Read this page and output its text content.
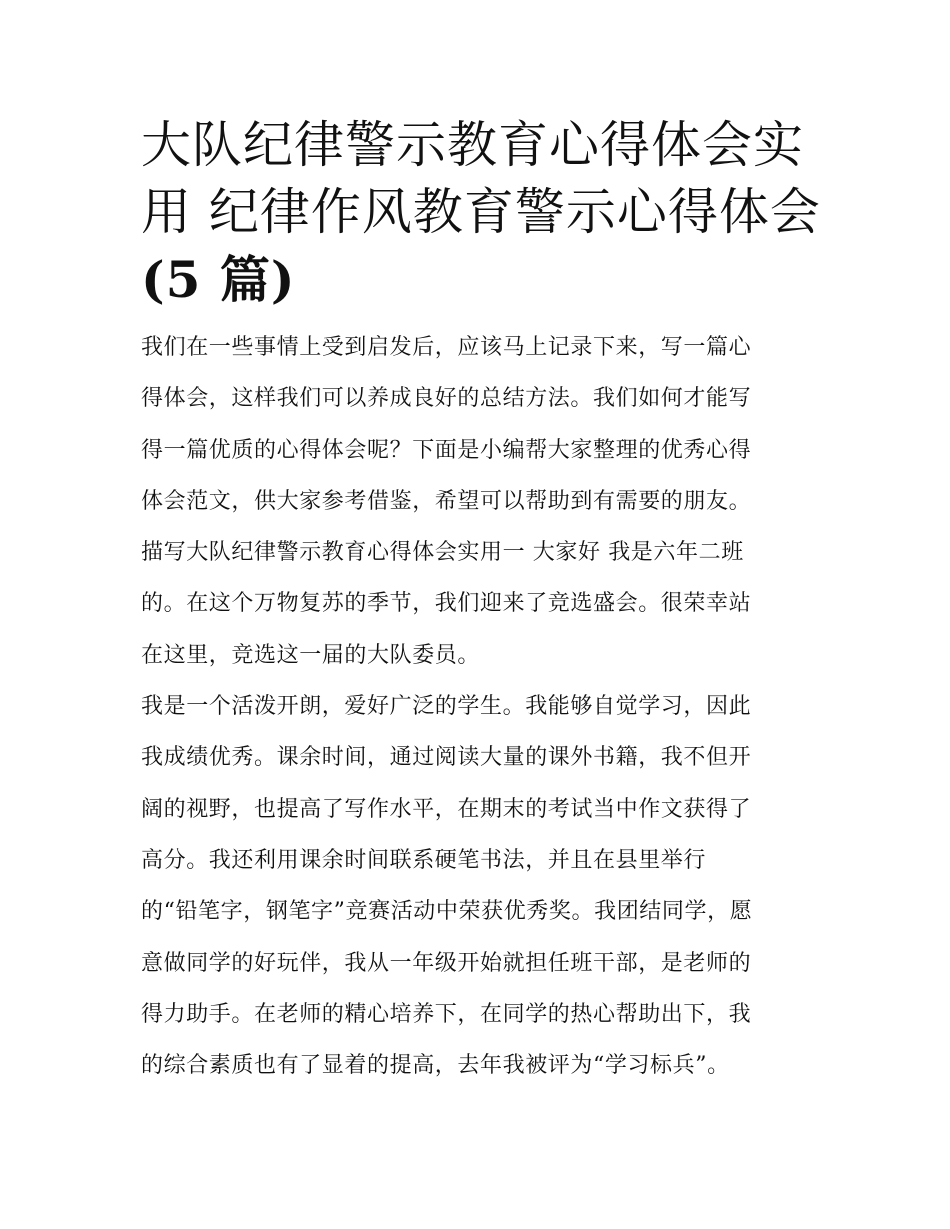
大队纪律警示教育心得体会实
用 纪律作风教育警示心得体会
(5 篇)
我们在一些事情上受到启发后，应该马上记录下来，写一篇心
得体会，这样我们可以养成良好的总结方法。我们如何才能写
得一篇优质的心得体会呢？下面是小编帮大家整理的优秀心得
体会范文，供大家参考借鉴，希望可以帮助到有需要的朋友。
描写大队纪律警示教育心得体会实用一 大家好 我是六年二班
的。在这个万物复苏的季节，我们迎来了竞选盛会。很荣幸站
在这里，竞选这一届的大队委员。
我是一个活泼开朗，爱好广泛的学生。我能够自觉学习，因此
我成绩优秀。课余时间，通过阅读大量的课外书籍，我不但开
阔的视野，也提高了写作水平，在期末的考试当中作文获得了
高分。我还利用课余时间联系硬笔书法，并且在县里举行
的“铅笔字，钢笔字”竞赛活动中荣获优秀奖。我团结同学，愿
意做同学的好玩伴，我从一年级开始就担任班干部，是老师的
得力助手。在老师的精心培养下，在同学的热心帮助出下，我
的综合素质也有了显着的提高，去年我被评为“学习标兵”。
